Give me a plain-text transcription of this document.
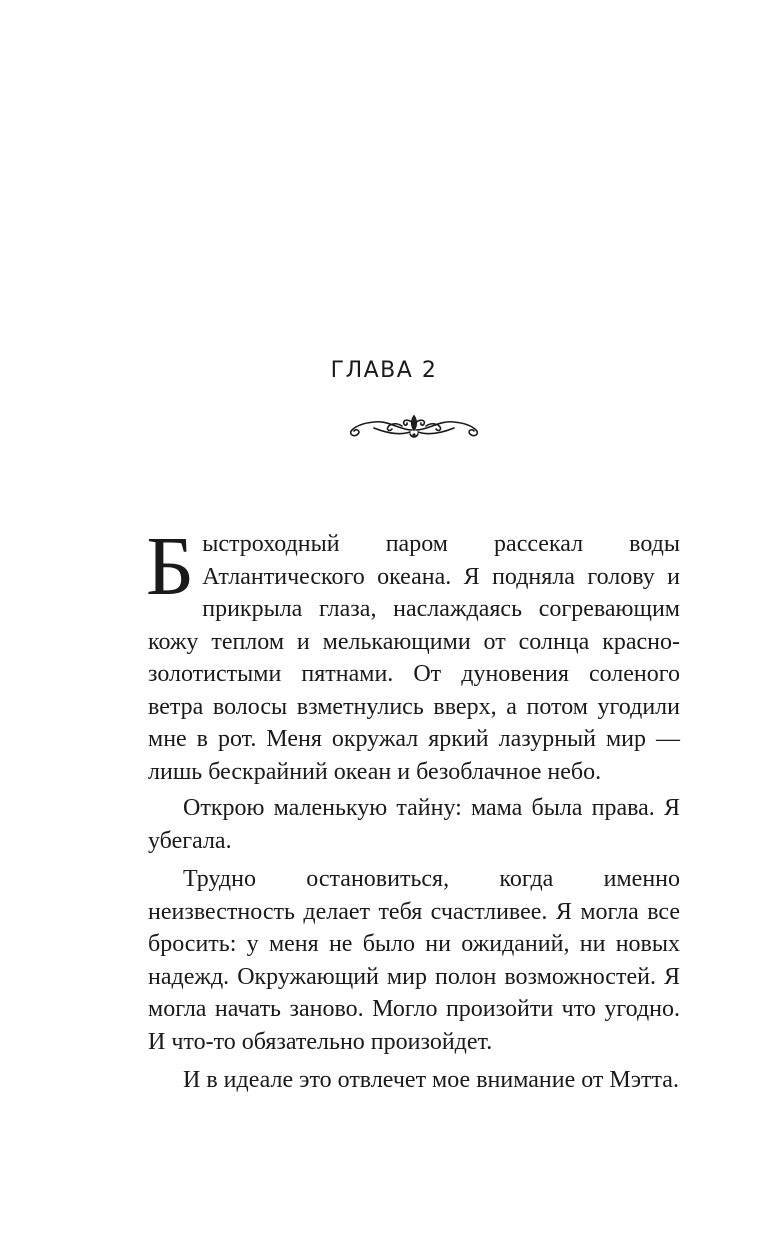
ГЛАВА 2

Быстроходный паром рассекал воды Атлантического океана. Я подняла голову и прикрыла глаза, наслаждаясь согревающим кожу теплом и мелькающими от солнца красно-золотистыми пятнами. От дуновения соленого ветра волосы взметнулись вверх, а потом угодили мне в рот. Меня окружал яркий лазурный мир — лишь бескрайний океан и безоблачное небо.

Открою маленькую тайну: мама была права. Я убегала.

Трудно остановиться, когда именно неизвестность делает тебя счастливее. Я могла все бросить: у меня не было ни ожиданий, ни новых надежд. Окружающий мир полон возможностей. Я могла начать заново. Могло произойти что угодно. И что-то обязательно произойдет.

И в идеале это отвлечет мое внимание от Мэтта.
